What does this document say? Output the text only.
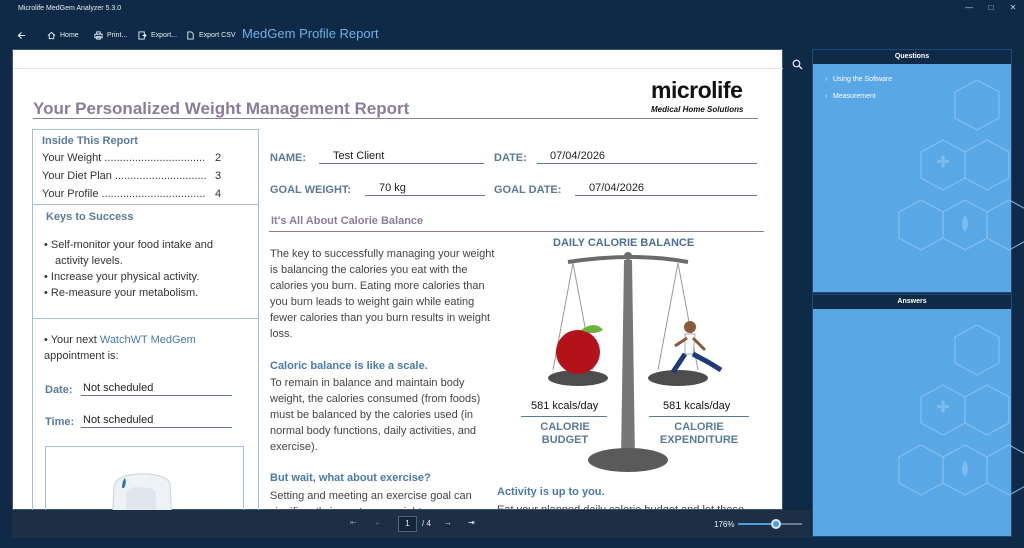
Microlife MedGem Analyzer 5.3.0	—	□	✕
Home	Print...	Export...	Export CSV MedGem Profile Report
microlife
Medical Home Solutions
Your Personalized Weight Management Report
Inside This Report
Your Weight ................................. 2
Your Diet Plan .............................. 3
Your Profile .................................. 4
Keys to Success
• Self-monitor your food intake and
activity levels.
• Increase your physical activity.
• Re-measure your metabolism.
• Your next WatchWT MedGem
appointment is:
Date: Not scheduled
Time: Not scheduled
NAME: Test Client	DATE: 07/04/2026
GOAL WEIGHT:	70 kg	GOAL DATE:	07/04/2026
It's All About Calorie Balance
The key to successfully managing your weight is balancing the calories you eat with the calories you burn. Eating more calories than you burn leads to weight gain while eating fewer calories than you burn results in weight loss.
Caloric balance is like a scale.
To remain in balance and maintain body weight, the calories consumed (from foods) must be balanced by the calories used (in normal body functions, daily activities, and exercise).
But wait, what about exercise?
Setting and meeting an exercise goal can	Activity is up to you.
DAILY CALORIE BALANCE
581 kcals/day	581 kcals/day
CALORIE
BUDGET
CALORIE
EXPENDITURE
⇤ ←	1	/ 4 → ⇥	176%
Questions
› Using the Software
› Measurement
Answers
